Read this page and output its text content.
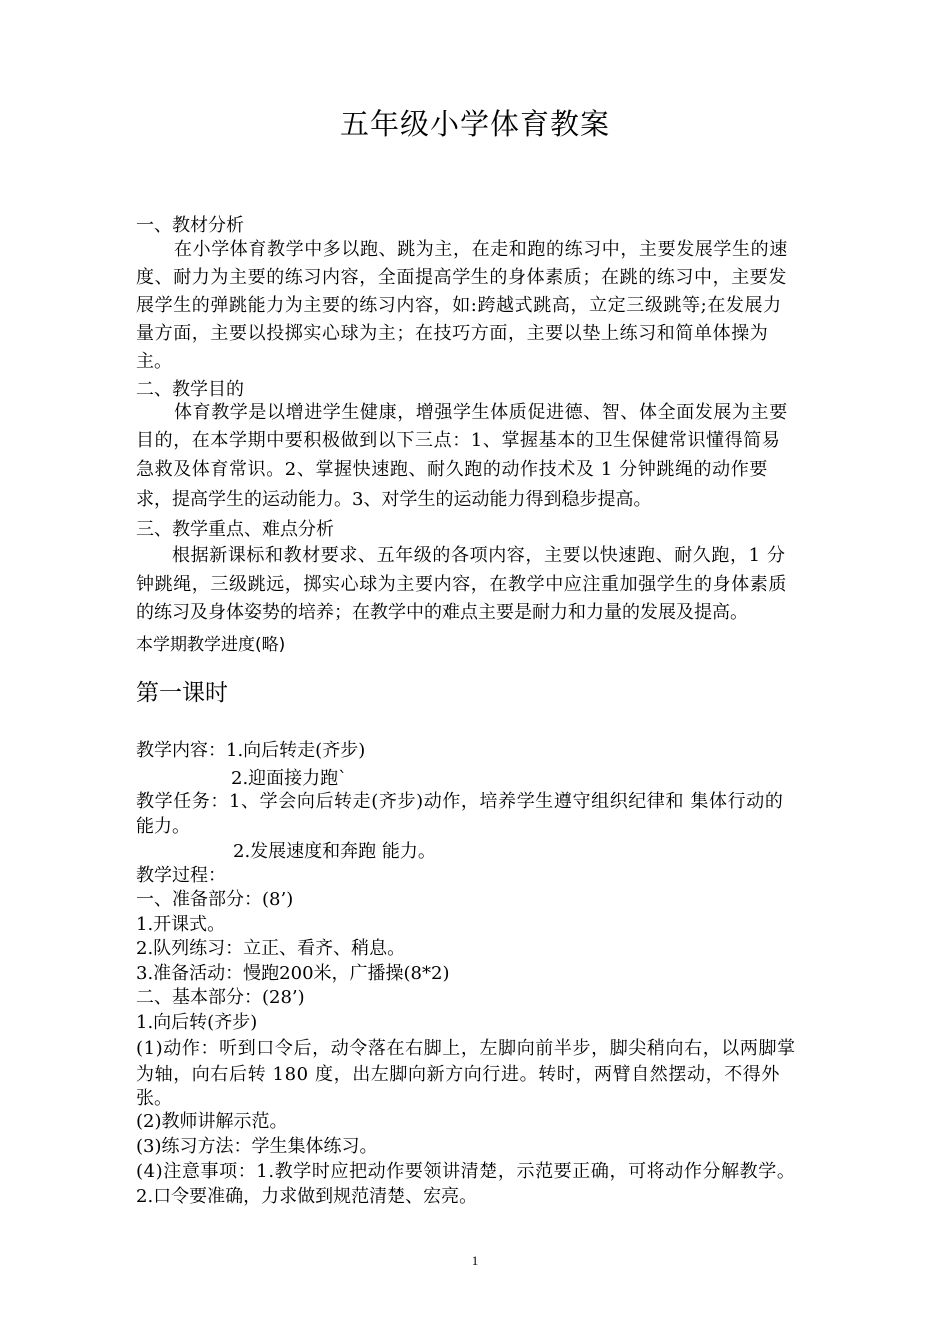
五年级小学体育教案
一、教材分析
在小学体育教学中多以跑、跳为主，在走和跑的练习中，主要发展学生的速
度、耐力为主要的练习内容，全面提高学生的身体素质；在跳的练习中，主要发
展学生的弹跳能力为主要的练习内容，如:跨越式跳高，立定三级跳等;在发展力
量方面，主要以投掷实心球为主；在技巧方面，主要以垫上练习和简单体操为
主。
二、教学目的
体育教学是以增进学生健康，增强学生体质促进德、智、体全面发展为主要
目的，在本学期中要积极做到以下三点：1、掌握基本的卫生保健常识懂得简易
急救及体育常识。2、掌握快速跑、耐久跑的动作技术及 1 分钟跳绳的动作要
求，提高学生的运动能力。3、对学生的运动能力得到稳步提高。
三、教学重点、难点分析
根据新课标和教材要求、五年级的各项内容，主要以快速跑、耐久跑，1 分
钟跳绳，三级跳远，掷实心球为主要内容，在教学中应注重加强学生的身体素质
的练习及身体姿势的培养；在教学中的难点主要是耐力和力量的发展及提高。
本学期教学进度(略)
第一课时
教学内容：1.向后转走(齐步)
2.迎面接力跑`
教学任务：1、学会向后转走(齐步)动作，培养学生遵守组织纪律和 集体行动的
能力。
2.发展速度和奔跑 能力。
教学过程：
一、准备部分：(8’)
1.开课式。
2.队列练习：立正、看齐、稍息。
3.准备活动：慢跑200米，广播操(8*2)
二、基本部分：(28’)
1.向后转(齐步)
(1)动作：听到口令后，动令落在右脚上，左脚向前半步，脚尖稍向右，以两脚掌
为轴，向右后转 180 度，出左脚向新方向行进。转时，两臂自然摆动，不得外
张。
(2)教师讲解示范。
(3)练习方法：学生集体练习。
(4)注意事项：1.教学时应把动作要领讲清楚，示范要正确，可将动作分解教学。
2.口令要准确，力求做到规范清楚、宏亮。
1
